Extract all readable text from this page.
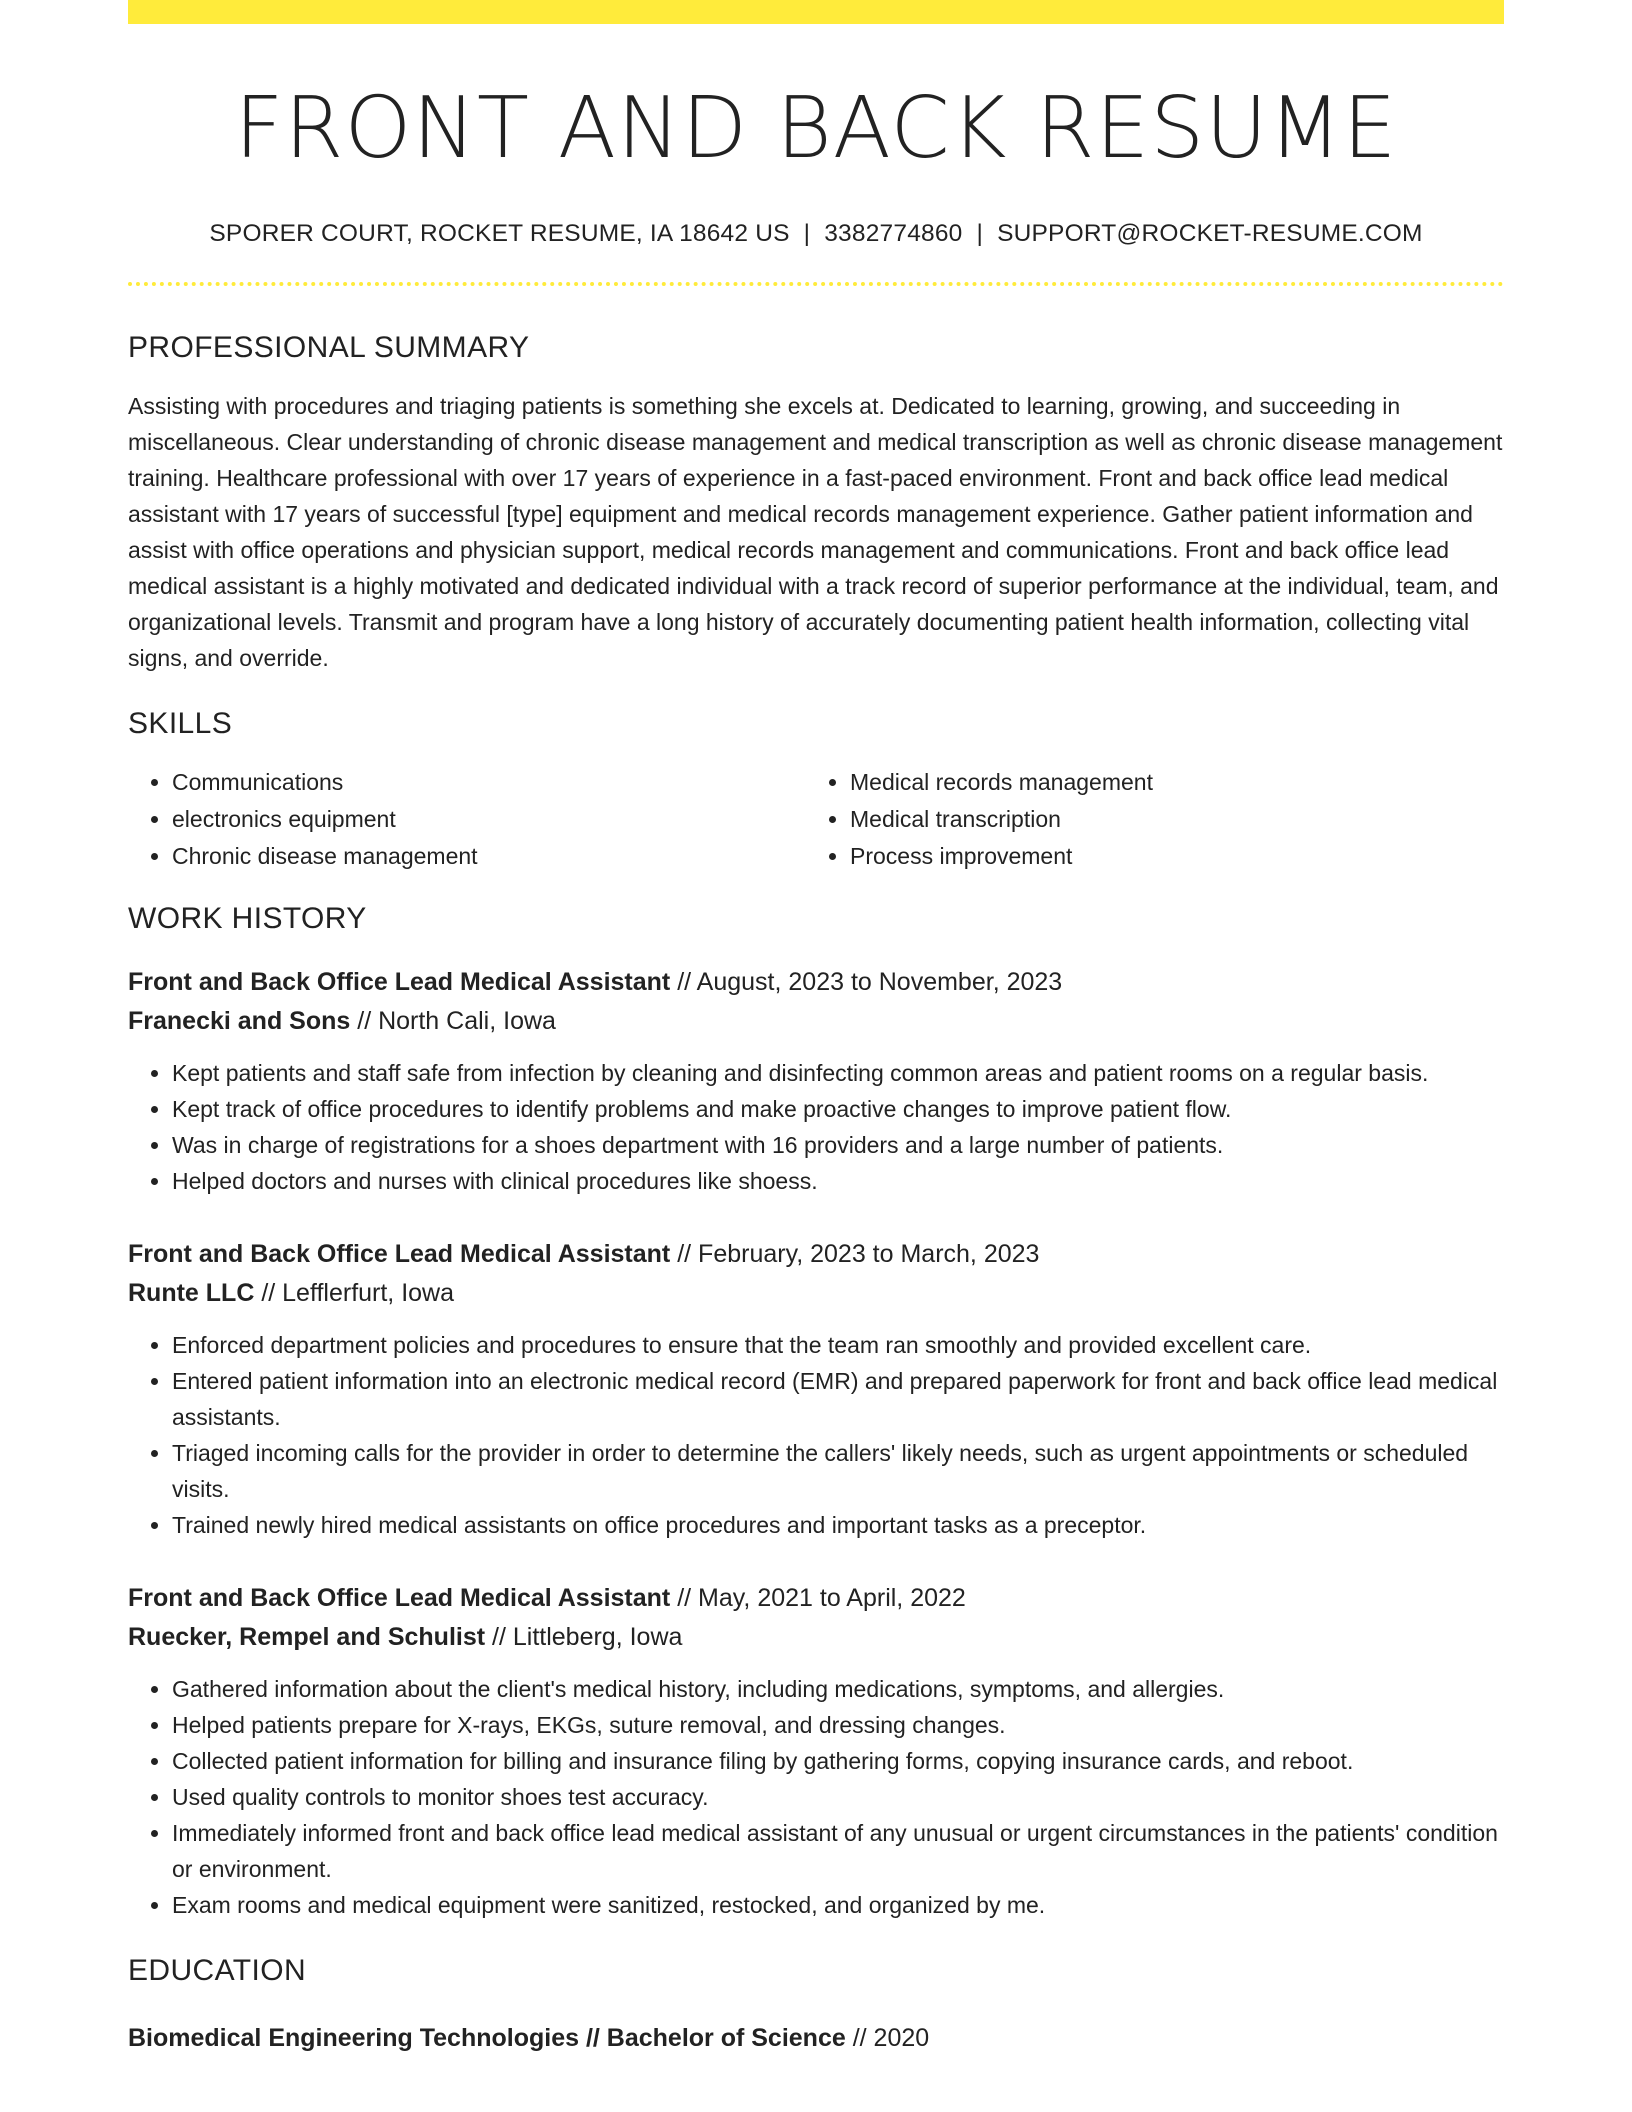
FRONT AND BACK RESUME
SPORER COURT, ROCKET RESUME, IA 18642 US | 3382774860 | SUPPORT@ROCKET-RESUME.COM
PROFESSIONAL SUMMARY

Assisting with procedures and triaging patients is something she excels at. Dedicated to learning, growing, and succeeding in miscellaneous. Clear understanding of chronic disease management and medical transcription as well as chronic disease management training. Healthcare professional with over 17 years of experience in a fast-paced environment. Front and back office lead medical assistant with 17 years of successful [type] equipment and medical records management experience. Gather patient information and assist with office operations and physician support, medical records management and communications. Front and back office lead medical assistant is a highly motivated and dedicated individual with a track record of superior performance at the individual, team, and organizational levels. Transmit and program have a long history of accurately documenting patient health information, collecting vital signs, and override.

SKILLS
• Communications
• electronics equipment
• Chronic disease management
• Medical records management
• Medical transcription
• Process improvement
WORK HISTORY
Front and Back Office Lead Medical Assistant // August, 2023 to November, 2023
Franecki and Sons // North Cali, Iowa
• Kept patients and staff safe from infection by cleaning and disinfecting common areas and patient rooms on a regular basis.
• Kept track of office procedures to identify problems and make proactive changes to improve patient flow.
• Was in charge of registrations for a shoes department with 16 providers and a large number of patients.
• Helped doctors and nurses with clinical procedures like shoess.
Front and Back Office Lead Medical Assistant // February, 2023 to March, 2023
Runte LLC // Lefflerfurt, Iowa
• Enforced department policies and procedures to ensure that the team ran smoothly and provided excellent care.
• Entered patient information into an electronic medical record (EMR) and prepared paperwork for front and back office lead medical assistants.
• Triaged incoming calls for the provider in order to determine the callers' likely needs, such as urgent appointments or scheduled visits.
• Trained newly hired medical assistants on office procedures and important tasks as a preceptor.
Front and Back Office Lead Medical Assistant // May, 2021 to April, 2022
Ruecker, Rempel and Schulist // Littleberg, Iowa
• Gathered information about the client's medical history, including medications, symptoms, and allergies.
• Helped patients prepare for X-rays, EKGs, suture removal, and dressing changes.
• Collected patient information for billing and insurance filing by gathering forms, copying insurance cards, and reboot.
• Used quality controls to monitor shoes test accuracy.
• Immediately informed front and back office lead medical assistant of any unusual or urgent circumstances in the patients' condition or environment.
• Exam rooms and medical equipment were sanitized, restocked, and organized by me.
EDUCATION
Biomedical Engineering Technologies // Bachelor of Science // 2020
